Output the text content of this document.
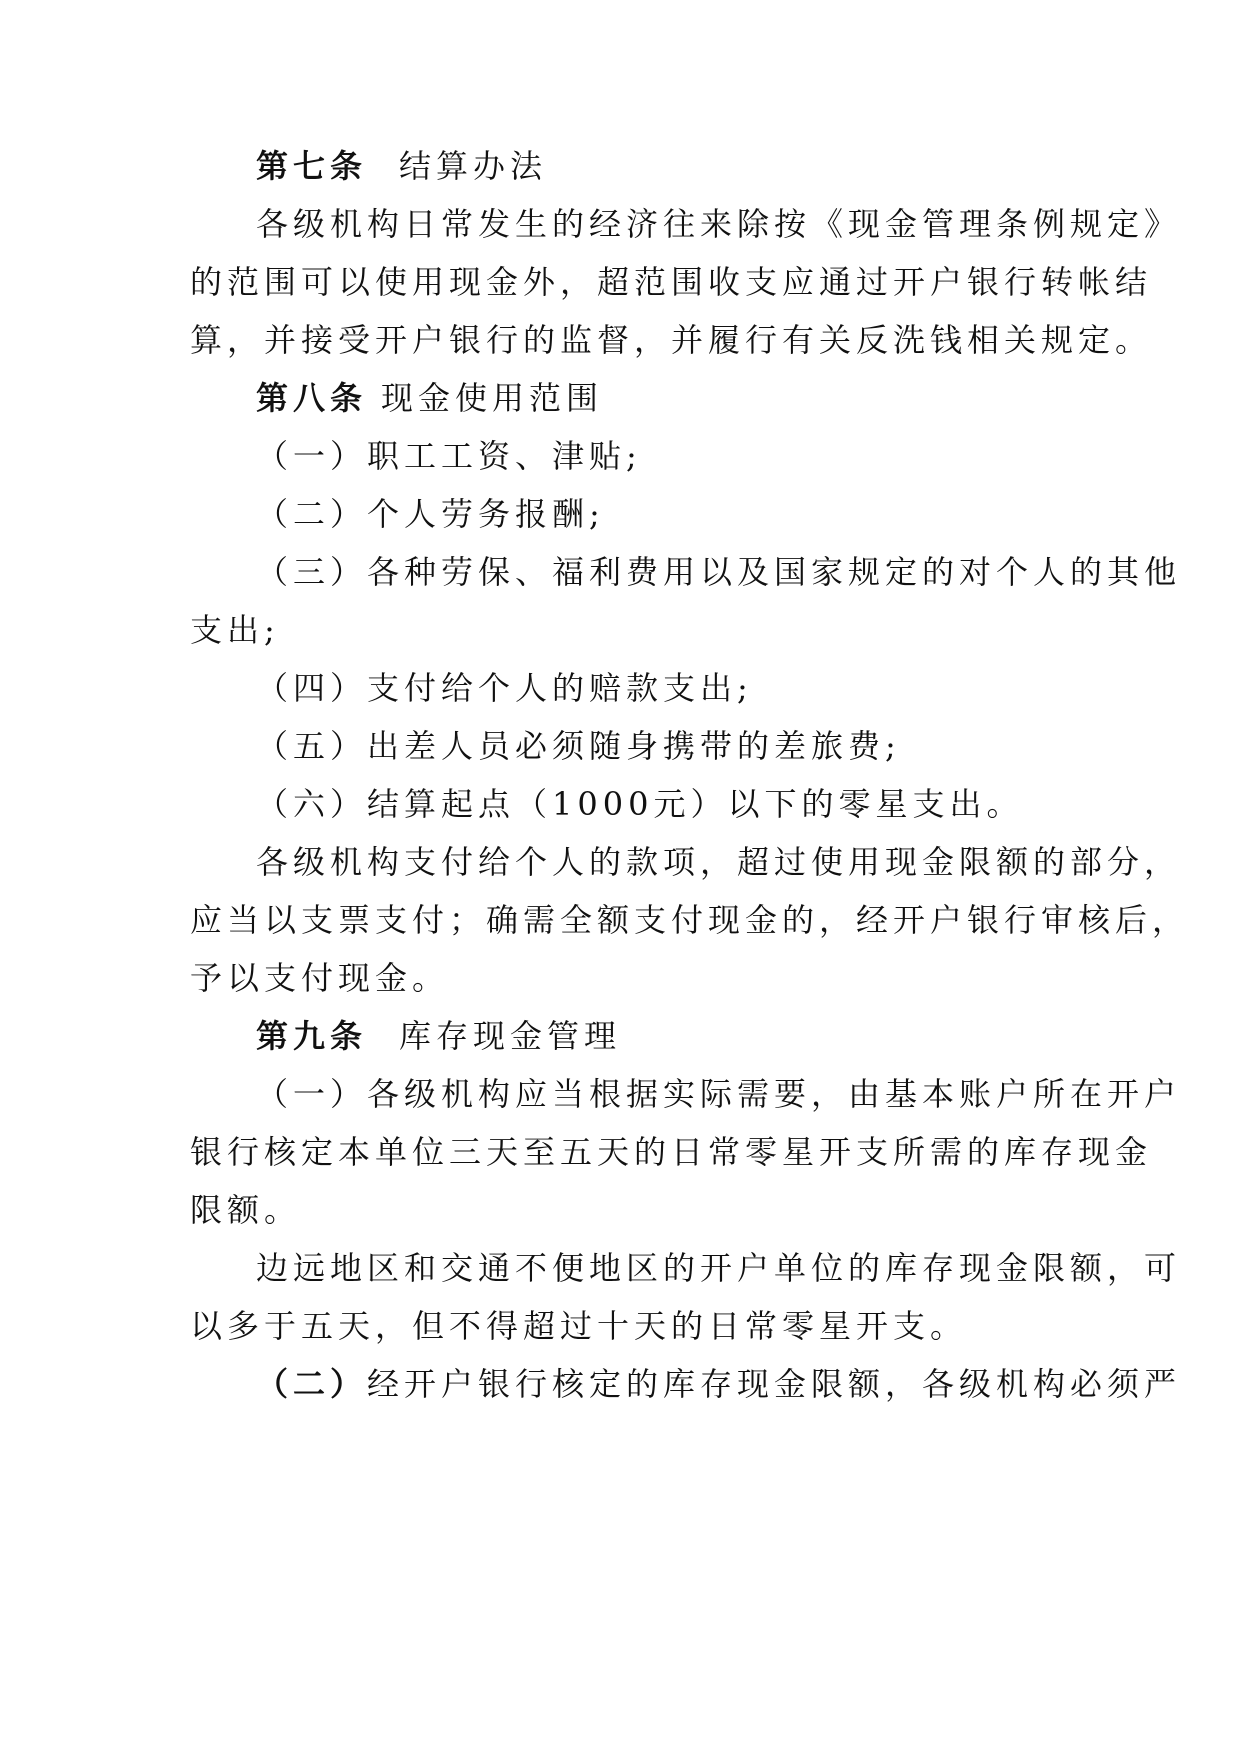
第七条 结算办法
各级机构日常发生的经济往来除按《现金管理条例规定》
的范围可以使用现金外，超范围收支应通过开户银行转帐结
算，并接受开户银行的监督，并履行有关反洗钱相关规定。
第八条 现金使用范围
（一）职工工资、津贴;
（二）个人劳务报酬;
（三）各种劳保、福利费用以及国家规定的对个人的其他
支出;
（四）支付给个人的赔款支出;
（五）出差人员必须随身携带的差旅费;
（六）结算起点（1000元）以下的零星支出。
各级机构支付给个人的款项，超过使用现金限额的部分，
应当以支票支付；确需全额支付现金的，经开户银行审核后，
予以支付现金。
第九条 库存现金管理
（一）各级机构应当根据实际需要，由基本账户所在开户
银行核定本单位三天至五天的日常零星开支所需的库存现金
限额。
边远地区和交通不便地区的开户单位的库存现金限额，可
以多于五天，但不得超过十天的日常零星开支。
（二）经开户银行核定的库存现金限额，各级机构必须严
